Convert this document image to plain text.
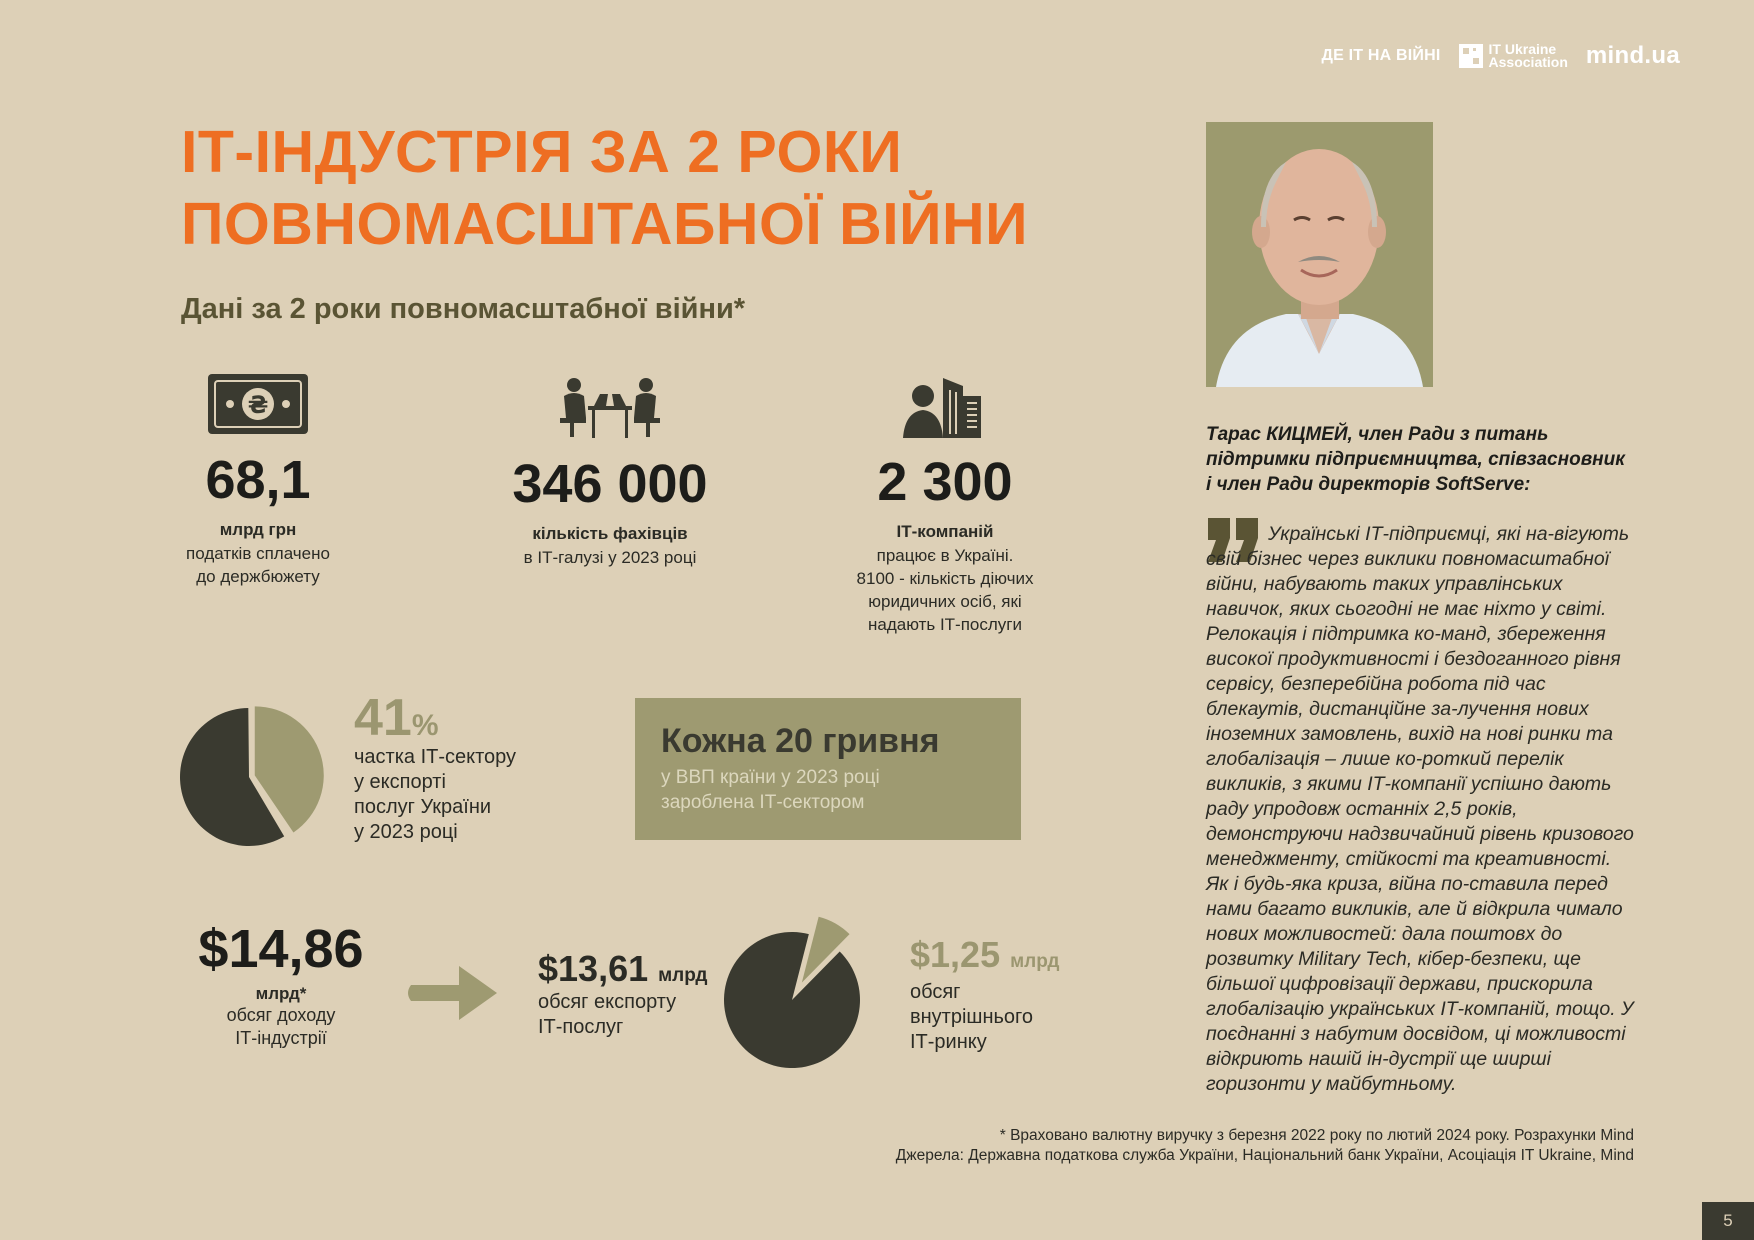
ДЕ ІТ НА ВІЙНІ	IT Ukraine
Association mind.ua
ІТ-ІНДУСТРІЯ ЗА 2 РОКИ
ПОВНОМАСШТАБНОЇ ВІЙНИ
Дані за 2 роки повномасштабної війни*
₴
68,1
млрд грн
податків сплачено
до держбюжету
346 000
кількість фахівців
в ІТ-галузі у 2023 році
2 300
ІТ-компаній
працює в Україні.
8100 - кількість діючих
юридичних осіб, які
надають ІТ-послуги
41%
частка ІТ-сектору
у експорті
послуг України
у 2023 році
Кожна 20 гривня
у ВВП країни у 2023 році
зароблена ІТ-сектором
$14,86
млрд*
обсяг доходу
ІТ-індустрії
$13,61 млрд
обсяг експорту
ІТ-послуг
$1,25 млрд
обсяг
внутрішнього
ІТ-ринку
Тарас КИЦМЕЙ, член Ради з питань підтримки підприємництва, співзасновник і член Ради директорів SoftServe:
Українські ІТ-підприємці, які на-вігують свій бізнес через виклики повномасштабної війни, набувають таких управлінських навичок, яких сьогодні не має ніхто у світі. Релокація і підтримка ко-манд, збереження високої продуктивності і бездоганного рівня сервісу, безперебійна робота під час блекаутів, дистанційне за-лучення нових іноземних замовлень, вихід на нові ринки та глобалізація – лише ко-роткий перелік викликів, з якими ІТ-компанії успішно дають раду упродовж останніх 2,5 років, демонструючи надзвичайний рівень кризового менеджменту, стійкості та креативності. Як і будь-яка криза, війна по-ставила перед нами багато викликів, але й відкрила чимало нових можливостей: дала поштовх до розвитку Military Tech, кібер-безпеки, ще більшої цифровізації держави, прискорила глобалізацію українських ІТ-компаній, тощо. У поєднанні з набутим досвідом, ці можливості відкриють нашій ін-дустрії ще ширші горизонти у майбутньому.
* Враховано валютну виручку з березня 2022 року по лютий 2024 року. Розрахунки Mind
Джерела: Державна податкова служба України, Національний банк України, Асоціація IT Ukraine, Mind
5
